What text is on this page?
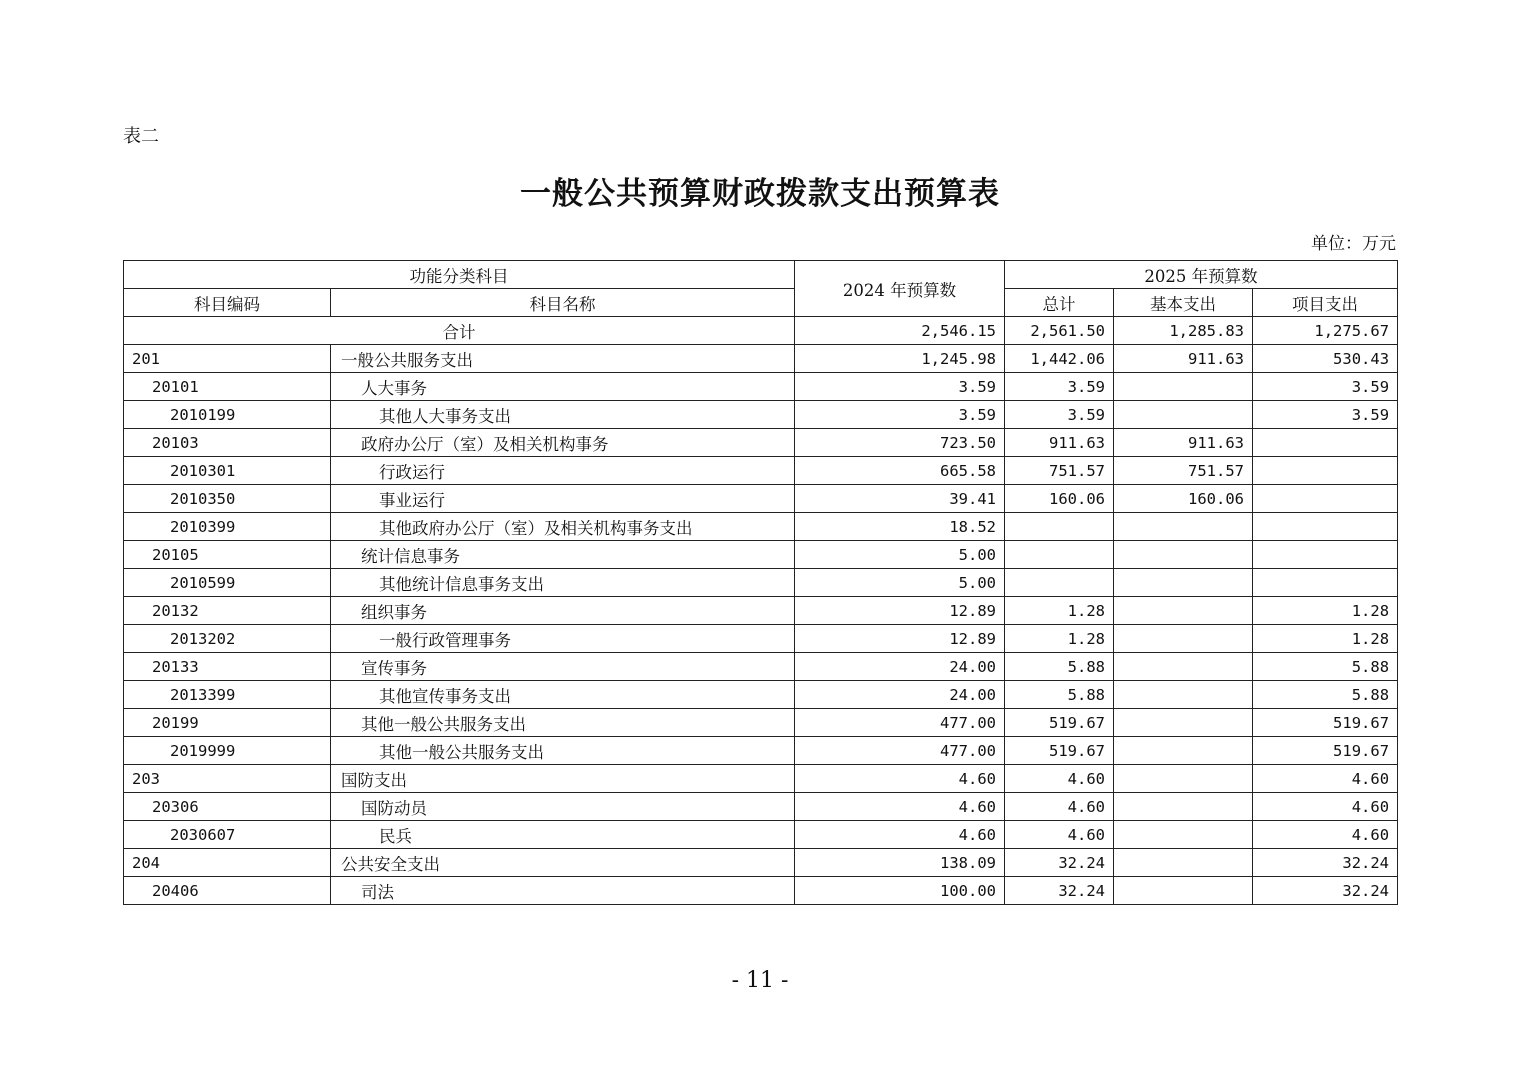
表二
一般公共预算财政拨款支出预算表
单位：万元
功能分类科目		2024 年预算数	2025 年预算数		
科目编码	科目名称		总计	基本支出	项目支出
合计		2,546.15	2,561.50	1,285.83	1,275.67
201	一般公共服务支出	1,245.98	1,442.06	911.63	530.43
20101	人大事务	3.59	3.59		3.59
2010199	其他人大事务支出	3.59	3.59		3.59
20103	政府办公厅（室）及相关机构事务	723.50	911.63	911.63	
2010301	行政运行	665.58	751.57	751.57	
2010350	事业运行	39.41	160.06	160.06	
2010399	其他政府办公厅（室）及相关机构事务支出	18.52			
20105	统计信息事务	5.00			
2010599	其他统计信息事务支出	5.00			
20132	组织事务	12.89	1.28		1.28
2013202	一般行政管理事务	12.89	1.28		1.28
20133	宣传事务	24.00	5.88		5.88
2013399	其他宣传事务支出	24.00	5.88		5.88
20199	其他一般公共服务支出	477.00	519.67		519.67
2019999	其他一般公共服务支出	477.00	519.67		519.67
203	国防支出	4.60	4.60		4.60
20306	国防动员	4.60	4.60		4.60
2030607	民兵	4.60	4.60		4.60
204	公共安全支出	138.09	32.24		32.24
20406	司法	100.00	32.24		32.24
- 11 -
